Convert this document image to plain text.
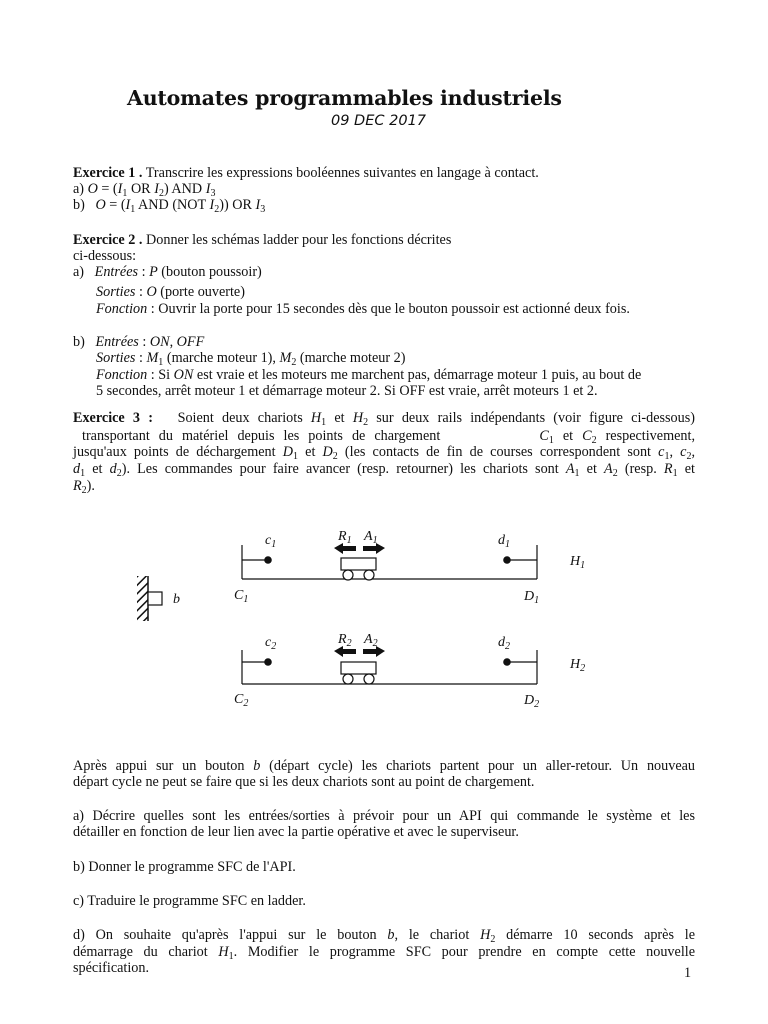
Automates programmables industriels
09 DEC 2017
Exercice 1 . Transcrire les expressions booléennes suivantes en langage à contact.
a) $O = (I_1$ OR $I_2$) AND $I_3$
b)   $O = (I_1$ AND (NOT $I_2$)) OR $I_3$
Exercice 2 . Donner les schémas ladder pour les fonctions décrites
ci-dessous:
a)   Entrées : P (bouton poussoir)
Sorties : O (porte ouverte)
Fonction : Ouvrir la porte pour 15 secondes dès que le bouton poussoir est actionné deux fois.
b)   Entrées : ON, OFF
Sorties : $M_1$ (marche moteur 1), $M_2$ (marche moteur 2)
Fonction : Si ON est vraie et les moteurs me marchent pas, démarrage moteur 1 puis, au bout de
5 secondes, arrêt moteur 1 et démarrage moteur 2. Si OFF est vraie, arrêt moteurs 1 et 2.
Exercice 3 :   Soient deux chariots $H_1$ et $H_2$ sur deux rails indépendants (voir figure ci-dessous)
transportant du matériel depuis les points de chargement           $C_1$ et $C_2$ respectivement,
jusqu'aux points de déchargement $D_1$ et $D_2$ (les contacts de fin de courses correspondent sont $c_1$, $c_2$,
$d_1$ et $d_2$). Les commandes pour faire avancer (resp. retourner) les chariots sont $A_1$ et $A_2$ (resp. $R_1$ et
$R_2$).
b
$c_1$	$d_1$
$R_1$ $A_1$
$H_1$
$C_1$	$D_1$
$c_2$	$d_2$
$R_2$ $A_2$
$H_2$
$C_2$	$D_2$
Après appui sur un bouton b (départ cycle) les chariots partent pour un aller-retour. Un nouveau
départ cycle ne peut se faire que si les deux chariots sont au point de chargement.
a) Décrire quelles sont les entrées/sorties à prévoir pour un API qui commande le système et les
détailler en fonction de leur lien avec la partie opérative et avec le superviseur.
b) Donner le programme SFC de l'API.
c) Traduire le programme SFC en ladder.
d) On souhaite qu'après l'appui sur le bouton b, le chariot $H_2$ démarre 10 seconds après le
démarrage du chariot $H_1$. Modifier le programme SFC pour prendre en compte cette nouvelle
spécification.	1
